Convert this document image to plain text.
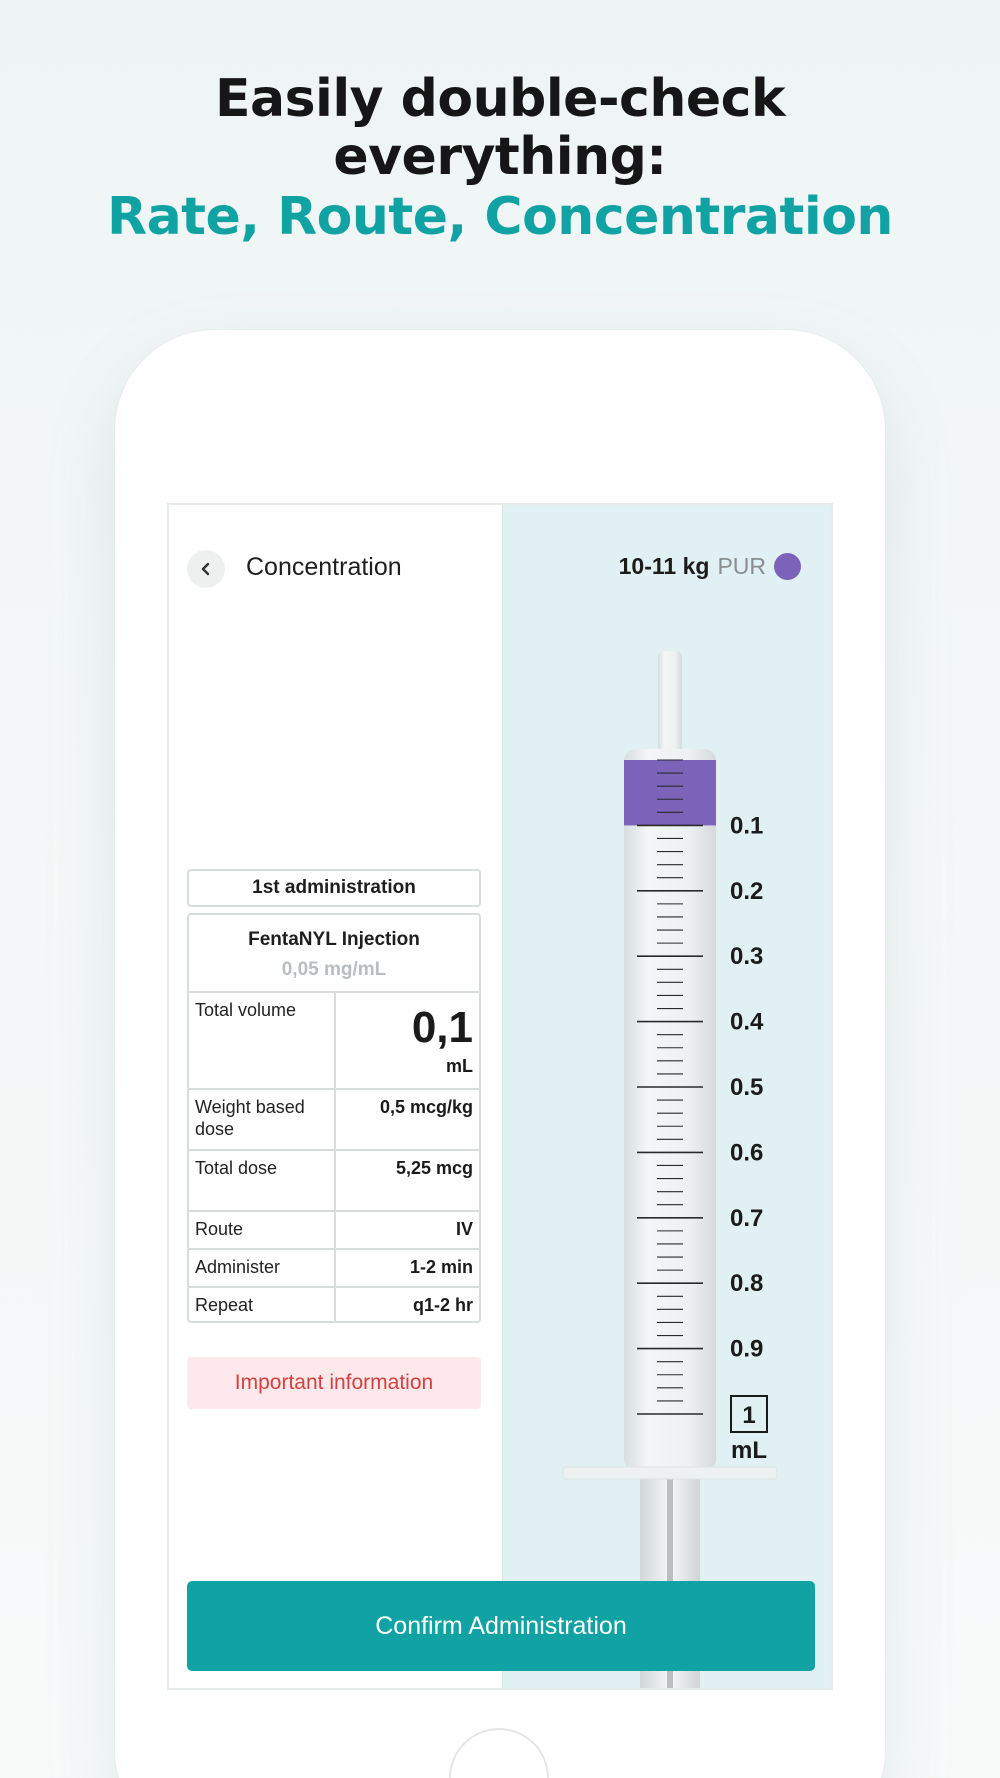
Easily double-check
everything:
Rate, Route, Concentration
Concentration
1st administration
FentaNYL Injection
0,05 mg/mL
Total volume	0,1
mL

Weight based dose	0,5 mcg/kg
Total dose	5,25 mcg
Route	IV
Administer	1-2 min
Repeat	q1-2 hr
Important information
10-11 kg PUR
0.1
0.2
0.3
0.4
0.5
0.6
0.7
0.8
0.9
1
mL
Confirm Administration
